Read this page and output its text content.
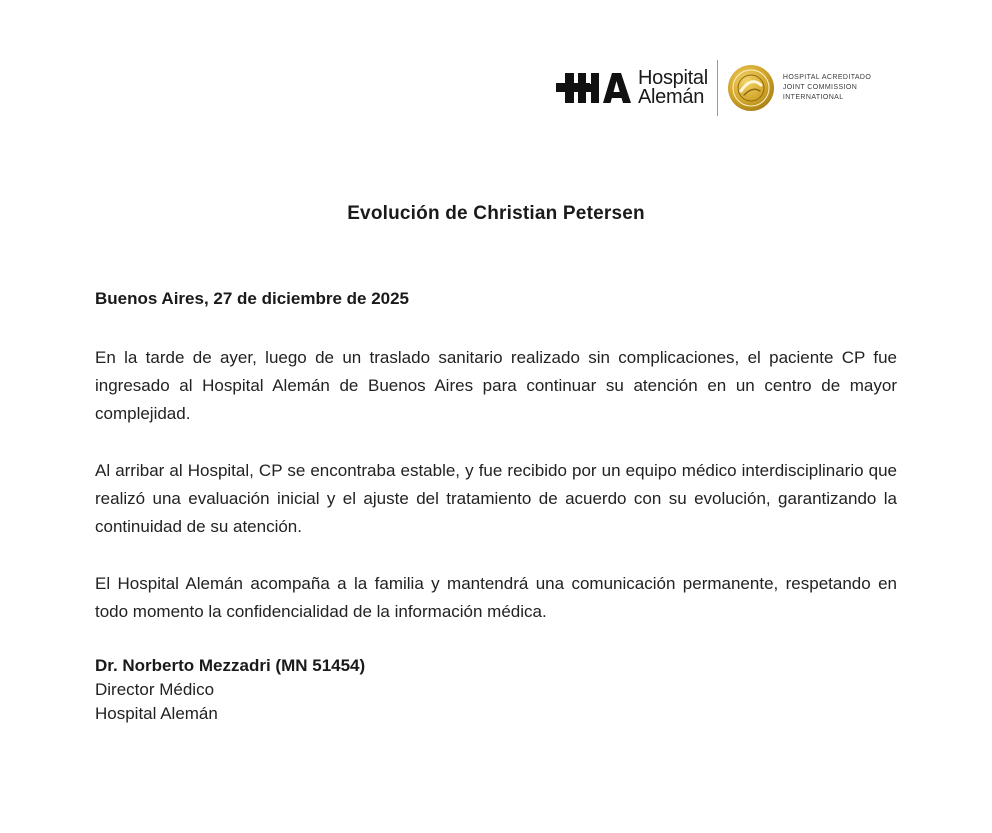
Hospital
Alemán
HOSPITAL ACREDITADO
JOINT COMMISSION
INTERNATIONAL
Evolución de Christian Petersen
Buenos Aires, 27 de diciembre de 2025

En la tarde de ayer, luego de un traslado sanitario realizado sin complicaciones, el paciente CP fue ingresado al Hospital Alemán de Buenos Aires para continuar su atención en un centro de mayor complejidad.

Al arribar al Hospital, CP se encontraba estable, y fue recibido por un equipo médico interdisciplinario que realizó una evaluación inicial y el ajuste del tratamiento de acuerdo con su evolución, garantizando la continuidad de su atención.

El Hospital Alemán acompaña a la familia y mantendrá una comunicación permanente, respetando en todo momento la confidencialidad de la información médica.

Dr. Norberto Mezzadri (MN 51454)
Director Médico
Hospital Alemán
